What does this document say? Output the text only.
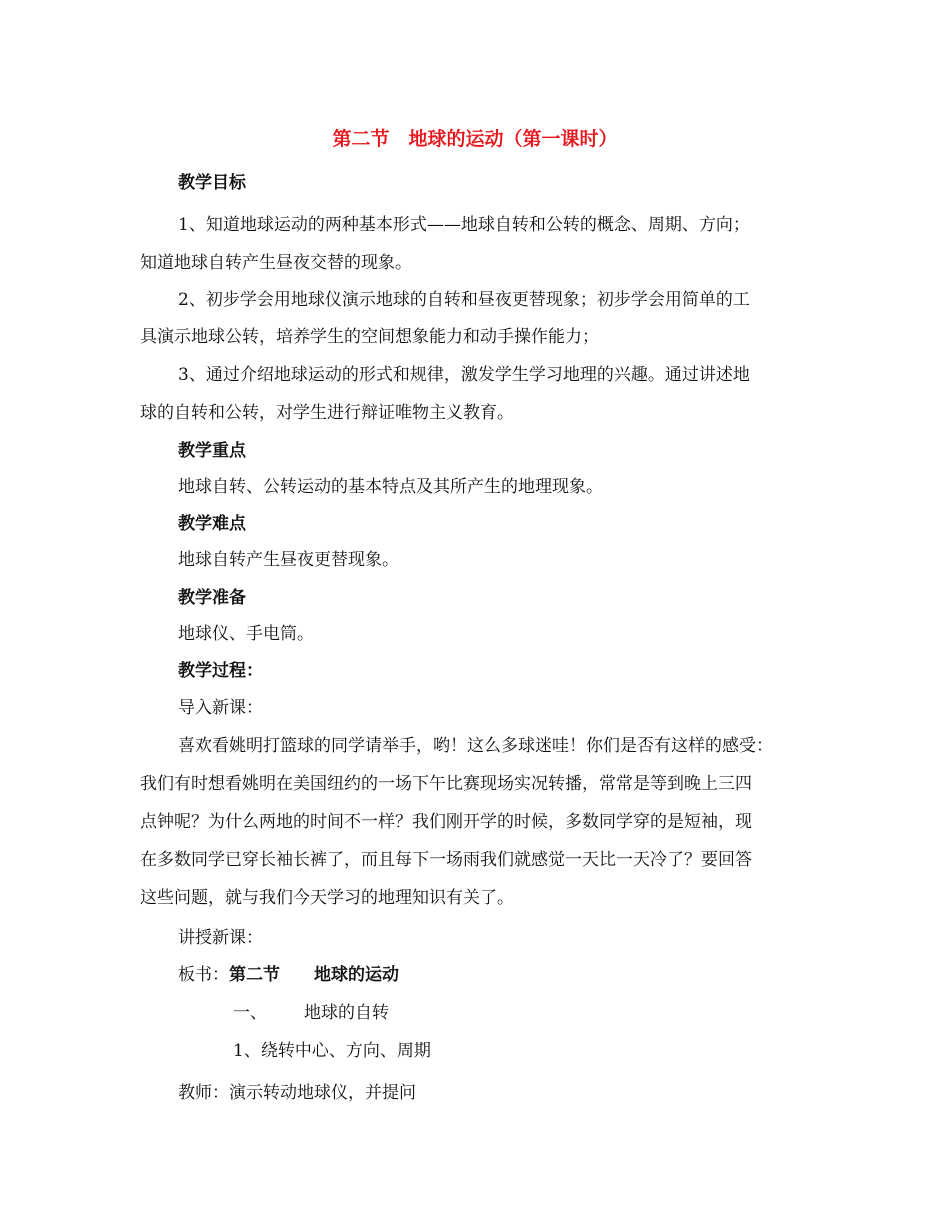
第二节　地球的运动（第一课时）
教学目标
1、知道地球运动的两种基本形式——地球自转和公转的概念、周期、方向；
知道地球自转产生昼夜交替的现象。
2、初步学会用地球仪演示地球的自转和昼夜更替现象；初步学会用简单的工
具演示地球公转，培养学生的空间想象能力和动手操作能力；
3、通过介绍地球运动的形式和规律，激发学生学习地理的兴趣。通过讲述地
球的自转和公转，对学生进行辩证唯物主义教育。
教学重点
地球自转、公转运动的基本特点及其所产生的地理现象。
教学难点
地球自转产生昼夜更替现象。
教学准备
地球仪、手电筒。
教学过程：
导入新课：
喜欢看姚明打篮球的同学请举手，哟！这么多球迷哇！你们是否有这样的感受：
我们有时想看姚明在美国纽约的一场下午比赛现场实况转播，常常是等到晚上三四
点钟呢？为什么两地的时间不一样？我们刚开学的时候，多数同学穿的是短袖，现
在多数同学已穿长袖长裤了，而且每下一场雨我们就感觉一天比一天冷了？要回答
这些问题，就与我们今天学习的地理知识有关了。
讲授新课：
板书：第二节　　地球的运动
一、 地球的自转
1、绕转中心、方向、周期
教师：演示转动地球仪，并提问
